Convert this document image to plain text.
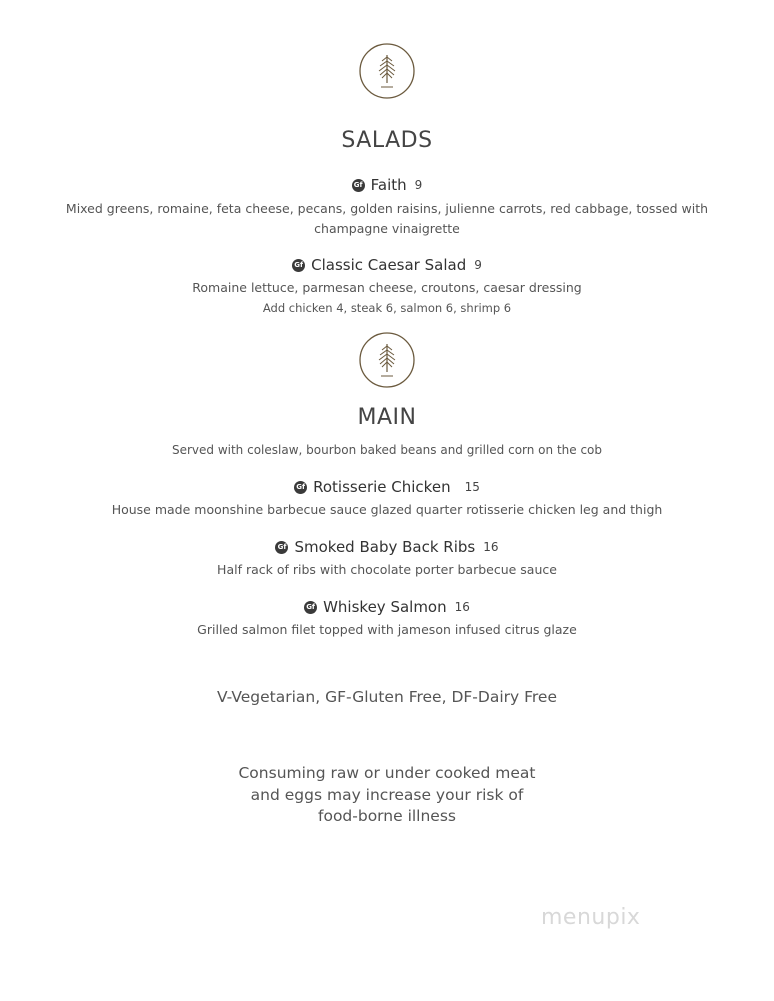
SALADS
Gf Faith 9
Mixed greens, romaine, feta cheese, pecans, golden raisins, julienne carrots, red cabbage, tossed with champagne vinaigrette
Gf Classic Caesar Salad 9
Romaine lettuce, parmesan cheese, croutons, caesar dressing
Add chicken 4, steak 6, salmon 6, shrimp 6
MAIN
Served with coleslaw, bourbon baked beans and grilled corn on the cob
Gf Rotisserie Chicken 15
House made moonshine barbecue sauce glazed quarter rotisserie chicken leg and thigh
Gf Smoked Baby Back Ribs 16
Half rack of ribs with chocolate porter barbecue sauce
Gf Whiskey Salmon 16
Grilled salmon filet topped with jameson infused citrus glaze
V-Vegetarian, GF-Gluten Free, DF-Dairy Free
Consuming raw or under cooked meat
and eggs may increase your risk of
food-borne illness
menupix
